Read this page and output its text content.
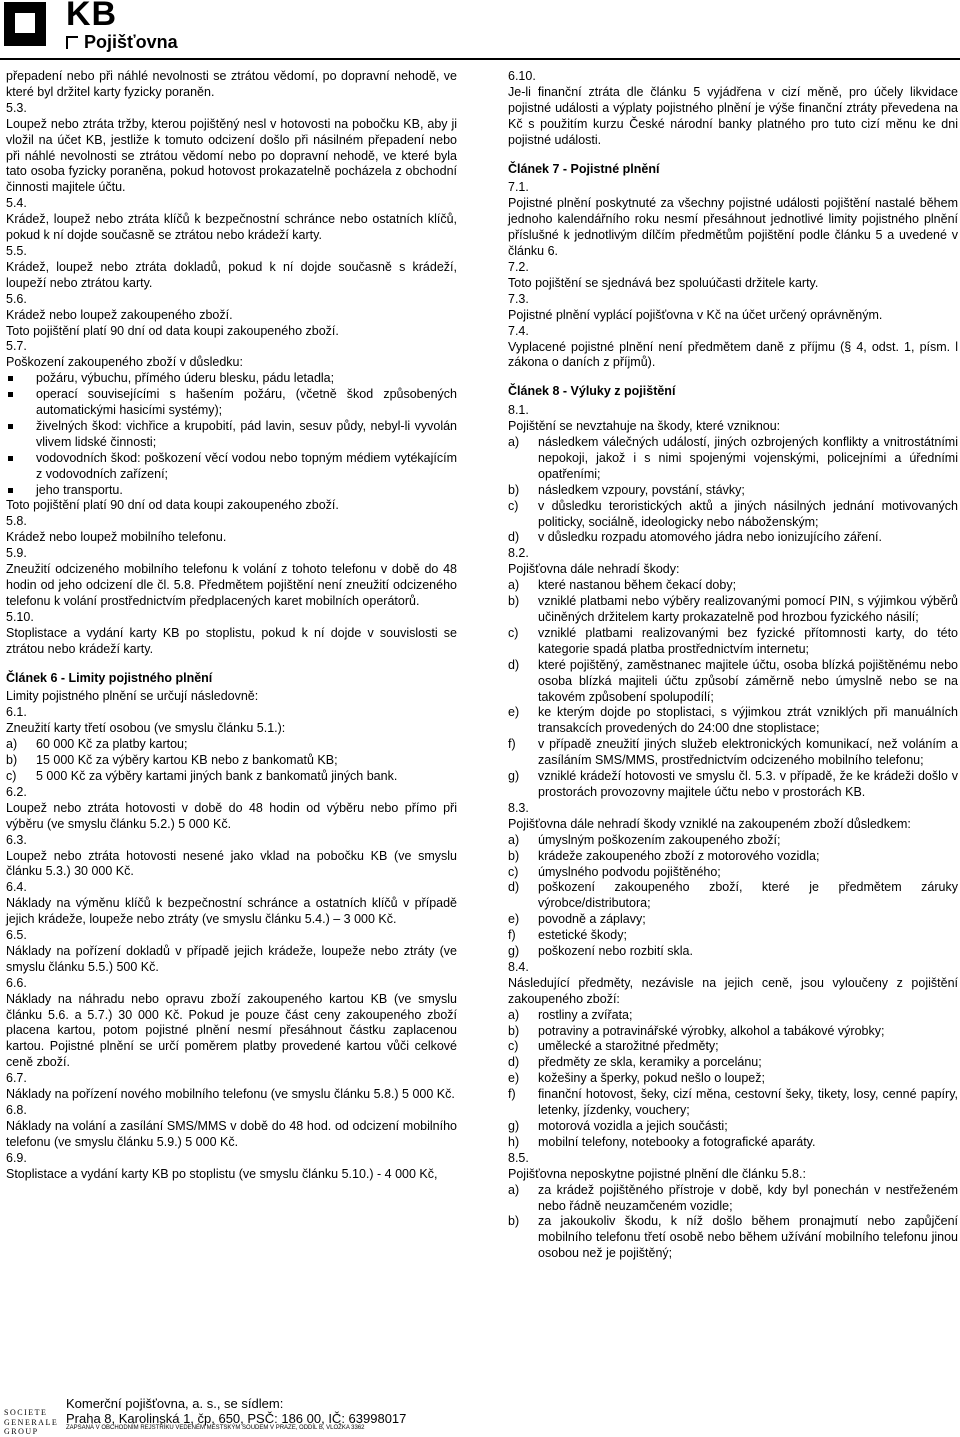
KB
Pojišťovna
přepadení nebo při náhlé nevolnosti se ztrátou vědomí, po dopravní nehodě, ve které byl držitel karty fyzicky poraněn.
5.3.
Loupež nebo ztráta tržby, kterou pojištěný nesl v hotovosti na pobočku KB, aby ji vložil na účet KB, jestliže k tomuto odcizení došlo při násilném přepadení nebo při náhlé nevolnosti se ztrátou vědomí nebo po dopravní nehodě, ve které byla tato osoba fyzicky poraněna, pokud hotovost prokazatelně pocházela z obchodní činnosti majitele účtu.
5.4.
Krádež, loupež nebo ztráta klíčů k bezpečnostní schránce nebo ostatních klíčů, pokud k ní dojde současně se ztrátou nebo krádeží karty.
5.5.
Krádež, loupež nebo ztráta dokladů, pokud k ní dojde současně s krádeží, loupeží nebo ztrátou karty.
5.6.
Krádež nebo loupež zakoupeného zboží.
Toto pojištění platí 90 dní od data koupi zakoupeného zboží.
5.7.
Poškození zakoupeného zboží v důsledku:
požáru, výbuchu, přímého úderu blesku, pádu letadla;
operací souvisejícími s hašením požáru, (včetně škod způsobených automatickými hasicími systémy);
živelných škod: vichřice a krupobití, pád lavin, sesuv půdy, nebyl-li vyvolán vlivem lidské činnosti;
vodovodních škod: poškození věcí vodou nebo topným médiem vytékajícím z vodovodních zařízení;
jeho transportu.
Toto pojištění platí 90 dní od data koupi zakoupeného zboží.
5.8.
Krádež nebo loupež mobilního telefonu.
5.9.
Zneužití odcizeného mobilního telefonu k volání z tohoto telefonu v době do 48 hodin od jeho odcizení dle čl. 5.8. Předmětem pojištění není zneužití odcizeného telefonu k volání prostřednictvím předplacených karet mobilních operátorů.
5.10.
Stoplistace a vydání karty KB po stoplistu, pokud k ní dojde v souvislosti se ztrátou nebo krádeží karty.
Článek 6 - Limity pojistného plnění
Limity pojistného plnění se určují následovně:
6.1.
Zneužití karty třetí osobou (ve smyslu článku 5.1.):
a) 60 000 Kč za platby kartou;
b) 15 000 Kč za výběry kartou KB nebo z bankomatů KB;
c) 5 000 Kč za výběry kartami jiných bank z bankomatů jiných bank.
6.2.
Loupež nebo ztráta hotovosti v době do 48 hodin od výběru nebo přímo při výběru (ve smyslu článku 5.2.) 5 000 Kč.
6.3.
Loupež nebo ztráta hotovosti nesené jako vklad na pobočku KB (ve smyslu článku 5.3.) 30 000 Kč.
6.4.
Náklady na výměnu klíčů k bezpečnostní schránce a ostatních klíčů v případě jejich krádeže, loupeže nebo ztráty (ve smyslu článku 5.4.) – 3 000 Kč.
6.5.
Náklady na pořízení dokladů v případě jejich krádeže, loupeže nebo ztráty (ve smyslu článku 5.5.) 500 Kč.
6.6.
Náklady na náhradu nebo opravu zboží zakoupeného kartou KB (ve smyslu článku 5.6. a 5.7.) 30 000 Kč. Pokud je pouze část ceny zakoupeného zboží placena kartou, potom pojistné plnění nesmí přesáhnout částku zaplacenou kartou. Pojistné plnění se určí poměrem platby provedené kartou vůči celkové ceně zboží.
6.7.
Náklady na pořízení nového mobilního telefonu (ve smyslu článku 5.8.) 5 000 Kč.
6.8.
Náklady na volání a zasílání SMS/MMS v době do 48 hod. od odcizení mobilního telefonu (ve smyslu článku 5.9.) 5 000 Kč.
6.9.
Stoplistace a vydání karty KB po stoplistu (ve smyslu článku 5.10.) - 4 000 Kč,
6.10.
Je-li finanční ztráta dle článku 5 vyjádřena v cizí měně, pro účely likvidace pojistné události a výplaty pojistného plnění je výše finanční ztráty převedena na Kč s použitím kurzu České národní banky platného pro tuto cizí měnu ke dni pojistné události.
Článek 7 - Pojistné plnění
7.1.
Pojistné plnění poskytnuté za všechny pojistné události pojištění nastalé během jednoho kalendářního roku nesmí přesáhnout jednotlivé limity pojistného plnění příslušné k jednotlivým dílčím předmětům pojištění podle článku 5 a uvedené v článku 6.
7.2.
Toto pojištění se sjednává bez spoluúčasti držitele karty.
7.3.
Pojistné plnění vyplácí pojišťovna v Kč na účet určený oprávněným.
7.4.
Vyplacené pojistné plnění není předmětem daně z příjmu (§ 4, odst. 1, písm. l zákona o daních z příjmů).
Článek 8 - Výluky z pojištění
8.1.
Pojištění se nevztahuje na škody, které vzniknou:
a) následkem válečných událostí, jiných ozbrojených konflikty a vnitrostátními nepokoji, jakož i s nimi spojenými vojenskými, policejními a úředními opatřeními;
b) následkem vzpoury, povstání, stávky;
c) v důsledku teroristických aktů a jiných násilných jednání motivovaných politicky, sociálně, ideologicky nebo náboženským;
d) v důsledku rozpadu atomového jádra nebo ionizujícího záření.
8.2.
Pojišťovna dále nehradí škody:
a) které nastanou během čekací doby;
b) vzniklé platbami nebo výběry realizovanými pomocí PIN, s výjimkou výběrů učiněných držitelem karty prokazatelně pod hrozbou fyzického násilí;
c) vzniklé platbami realizovanými bez fyzické přítomnosti karty, do této kategorie spadá platba prostřednictvím internetu;
d) které pojištěný, zaměstnanec majitele účtu, osoba blízká pojištěnému nebo osoba blízká majiteli účtu způsobí záměrně nebo úmyslně nebo se na takovém způsobení spolupodílí;
e) ke kterým dojde po stoplistaci, s výjimkou ztrát vzniklých při manuálních transakcích provedených do 24:00 dne stoplistace;
f) v případě zneužití jiných služeb elektronických komunikací, než voláním a zasíláním SMS/MMS, prostřednictvím odcizeného mobilního telefonu;
g) vzniklé krádeží hotovosti ve smyslu čl. 5.3. v případě, že ke krádeži došlo v prostorách provozovny majitele účtu nebo v prostorách KB.
8.3.
Pojišťovna dále nehradí škody vzniklé na zakoupeném zboží důsledkem:
a) úmyslným poškozením zakoupeného zboží;
b) krádeže zakoupeného zboží z motorového vozidla;
c) úmyslného podvodu pojištěného;
d) poškození zakoupeného zboží, které je předmětem záruky výrobce/distributora;
e) povodně a záplavy;
f) estetické škody;
g) poškození nebo rozbití skla.
8.4.
Následující předměty, nezávisle na jejich ceně, jsou vyloučeny z pojištění zakoupeného zboží:
a) rostliny a zvířata;
b) potraviny a potravinářské výrobky, alkohol a tabákové výrobky;
c) umělecké a starožitné předměty;
d) předměty ze skla, keramiky a porcelánu;
e) kožešiny a šperky, pokud nešlo o loupež;
f) finanční hotovost, šeky, cizí měna, cestovní šeky, tikety, losy, cenné papíry, letenky, jízdenky, vouchery;
g) motorová vozidla a jejich součásti;
h) mobilní telefony, notebooky a fotografické aparáty.
8.5.
Pojišťovna neposkytne pojistné plnění dle článku 5.8.:
a) za krádež pojištěného přístroje v době, kdy byl ponechán v nestřeženém nebo řádně neuzamčeném vozidle;
b) za jakoukoliv škodu, k níž došlo během pronajmutí nebo zapůjčení mobilního telefonu třetí osobě nebo během užívání mobilního telefonu jinou osobou než je pojištěný;
SOCIETE
GENERALE
GROUP
Komerční pojišťovna, a. s., se sídlem:
Praha 8, Karolinská 1, čp. 650, PSČ: 186 00, IČ: 63998017
ZAPSANÁ V OBCHODNÍM REJSTŘÍKU VEDENÉM MĚSTSKÝM SOUDEM V PRAZE, ODDÍL B, VLOŽKA 3362
